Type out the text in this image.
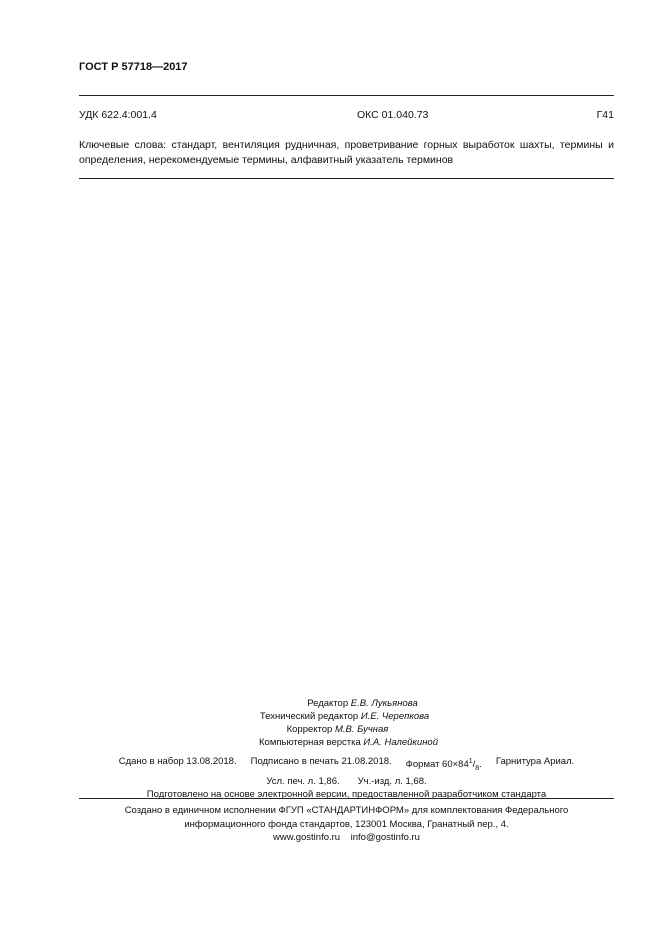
ГОСТ Р 57718—2017
УДК 622.4:001.4	ОКС 01.040.73	Г41
Ключевые слова: стандарт, вентиляция рудничная, проветривание горных выработок шахты, термины и определения, нерекомендуемые термины, алфавитный указатель терминов
Редактор Е.В. Лукьянова
Технический редактор И.Е. Черепкова
Корректор М.В. Бучная
Компьютерная верстка И.А. Налейкиной
Сдано в набор 13.08.2018. Подписано в печать 21.08.2018. Формат $60\times 84^1/_8$. Гарнитура Ариал.
Усл. печ. л. 1,86. Уч.-изд. л. 1,68.
Подготовлено на основе электронной версии, предоставленной разработчиком стандарта
Создано в единичном исполнении ФГУП «СТАНДАРТИНФОРМ» для комплектования Федерального
информационного фонда стандартов, 123001 Москва, Гранатный пер., 4.
www.gostinfo.ru info@gostinfo.ru
